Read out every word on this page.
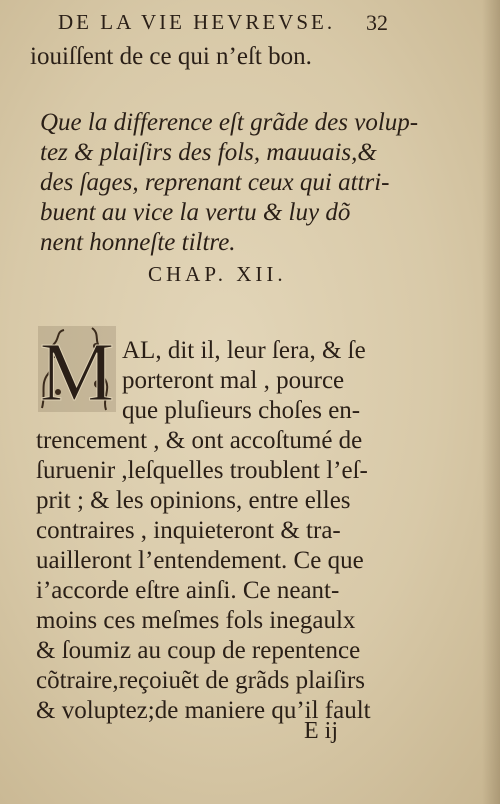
DE LA VIE HEVREVSE. 32
iouiſſent de ce qui n’eſt bon.
Que la difference eſt grãde des volup-
tez & plaiſirs des fols, mauuais,&
des ſages, reprenant ceux qui attri-
buent au vice la vertu & luy dõ
nent honneſte tiltre.
CHAP. XII.
M AL, dit il, leur ſera, & ſe
porteront mal , pource
que pluſieurs choſes en-
trencement , & ont accoſtumé de
ſuruenir ,leſquelles troublent l’eſ-
prit ; & les opinions, entre elles
contraires , inquieteront & tra-
uailleront l’entendement. Ce que
i’accorde eſtre ainſi. Ce neant-
moins ces meſmes fols inegaulx
& ſoumiz au coup de repentence
cõtraire,reçoiuẽt de grãds plaiſirs
& voluptez;de maniere qu’il fault
E ij
